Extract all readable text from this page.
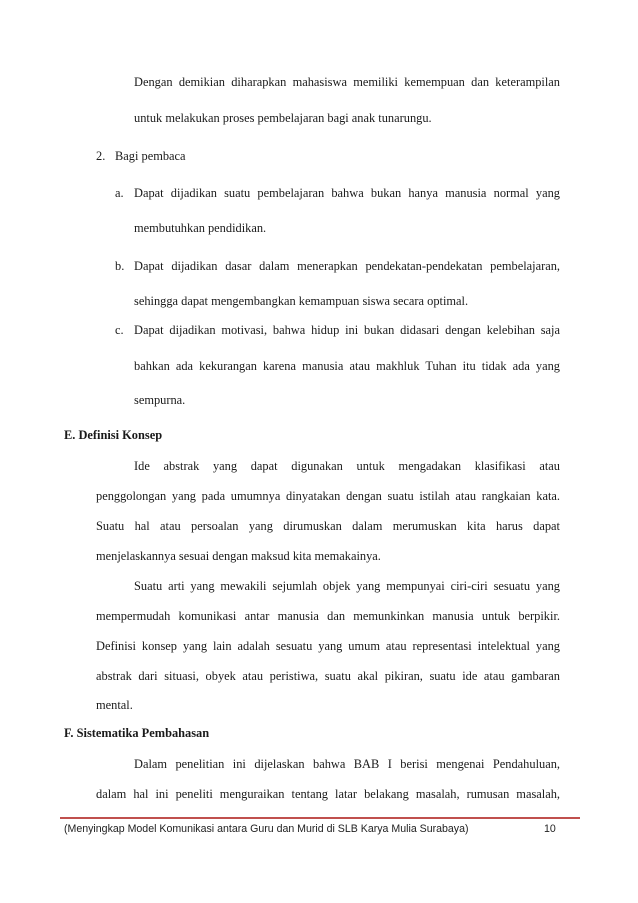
Dengan demikian diharapkan mahasiswa memiliki kemempuan dan keterampilan
untuk melakukan proses pembelajaran bagi anak tunarungu.
2. Bagi pembaca
a. Dapat dijadikan suatu pembelajaran bahwa bukan hanya manusia normal yang
membutuhkan pendidikan.
b. Dapat dijadikan dasar dalam menerapkan pendekatan-pendekatan pembelajaran,
sehingga dapat mengembangkan kemampuan siswa secara optimal.
c. Dapat dijadikan motivasi, bahwa hidup ini bukan didasari dengan kelebihan saja
bahkan ada kekurangan karena manusia atau makhluk Tuhan itu tidak ada yang
sempurna.
E. Definisi Konsep
Ide abstrak yang dapat digunakan untuk mengadakan klasifikasi atau
penggolongan yang pada umumnya dinyatakan dengan suatu istilah atau rangkaian kata.
Suatu hal atau persoalan yang dirumuskan dalam merumuskan kita harus dapat
menjelaskannya sesuai dengan maksud kita memakainya.
Suatu arti yang mewakili sejumlah objek yang mempunyai ciri-ciri sesuatu yang
mempermudah komunikasi antar manusia dan memunkinkan manusia untuk berpikir.
Definisi konsep yang lain adalah sesuatu yang umum atau representasi intelektual yang
abstrak dari situasi, obyek atau peristiwa, suatu akal pikiran, suatu ide atau gambaran
mental.
F. Sistematika Pembahasan
Dalam penelitian ini dijelaskan bahwa BAB I berisi mengenai Pendahuluan,
dalam hal ini peneliti menguraikan tentang latar belakang masalah, rumusan masalah,
(Menyingkap Model Komunikasi antara Guru dan Murid di SLB Karya Mulia Surabaya)	10
